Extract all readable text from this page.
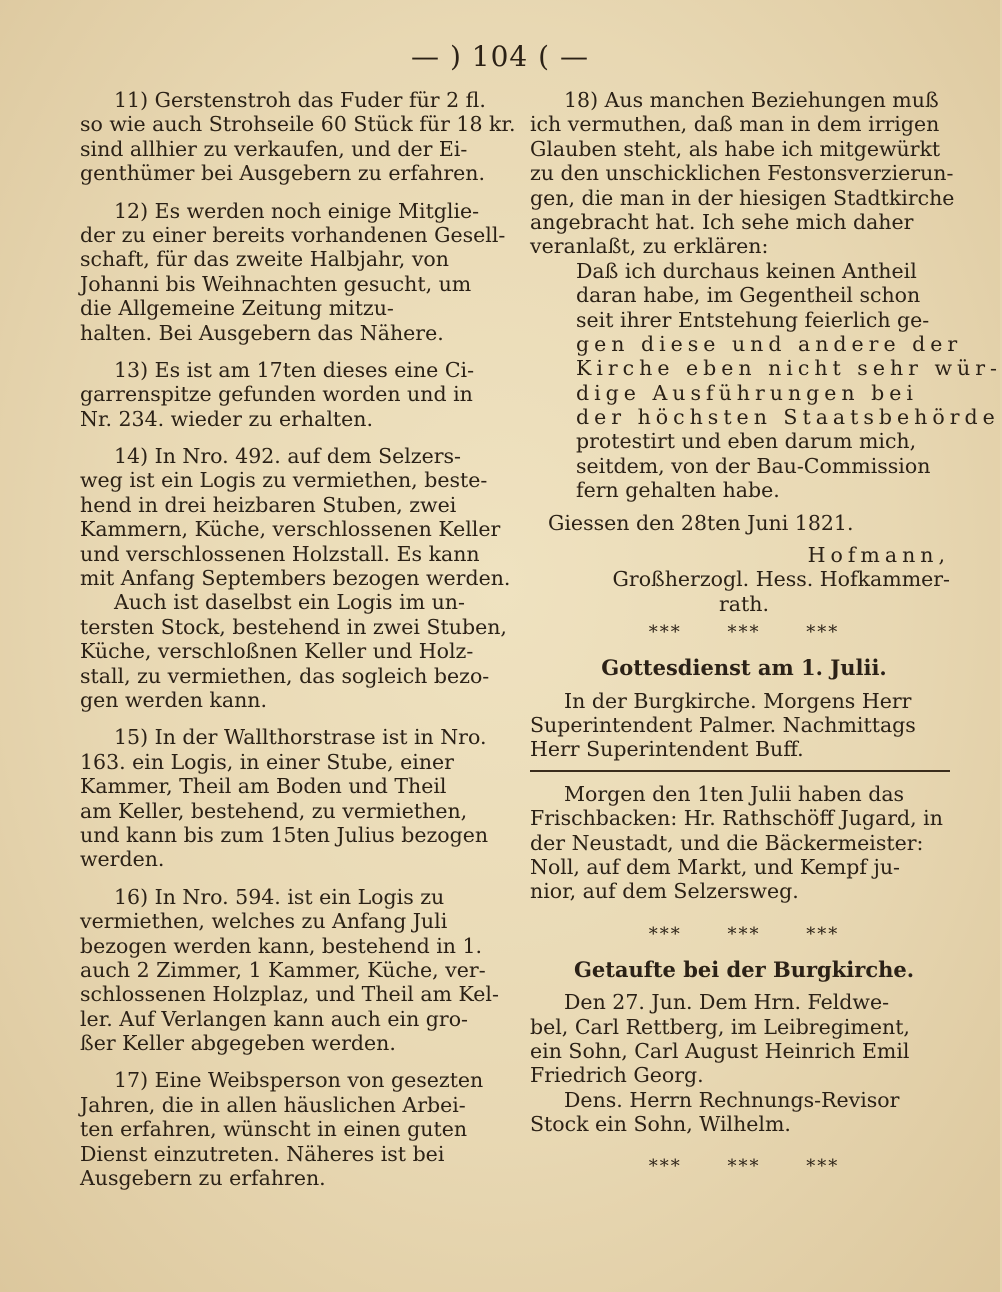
— ) 104 ( —
11) Gerstenstroh das Fuder für 2 fl.
so wie auch Strohseile 60 Stück für 18 kr.
sind allhier zu verkaufen, und der Ei-
genthümer bei Ausgebern zu erfahren.
12) Es werden noch einige Mitglie-
der zu einer bereits vorhandenen Gesell-
schaft, für das zweite Halbjahr, von
Johanni bis Weihnachten gesucht, um
die Allgemeine Zeitung mitzu-
halten. Bei Ausgebern das Nähere.
13) Es ist am 17ten dieses eine Ci-
garrenspitze gefunden worden und in
Nr. 234. wieder zu erhalten.
14) In Nro. 492. auf dem Selzers-
weg ist ein Logis zu vermiethen, beste-
hend in drei heizbaren Stuben, zwei
Kammern, Küche, verschlossenen Keller
und verschlossenen Holzstall. Es kann
mit Anfang Septembers bezogen werden.
Auch ist daselbst ein Logis im un-
tersten Stock, bestehend in zwei Stuben,
Küche, verschloßnen Keller und Holz-
stall, zu vermiethen, das sogleich bezo-
gen werden kann.
15) In der Wallthorstrase ist in Nro.
163. ein Logis, in einer Stube, einer
Kammer, Theil am Boden und Theil
am Keller, bestehend, zu vermiethen,
und kann bis zum 15ten Julius bezogen
werden.
16) In Nro. 594. ist ein Logis zu
vermiethen, welches zu Anfang Juli
bezogen werden kann, bestehend in 1.
auch 2 Zimmer, 1 Kammer, Küche, ver-
schlossenen Holzplaz, und Theil am Kel-
ler. Auf Verlangen kann auch ein gro-
ßer Keller abgegeben werden.
17) Eine Weibsperson von gesezten
Jahren, die in allen häuslichen Arbei-
ten erfahren, wünscht in einen guten
Dienst einzutreten. Näheres ist bei
Ausgebern zu erfahren.
18) Aus manchen Beziehungen muß
ich vermuthen, daß man in dem irrigen
Glauben steht, als habe ich mitgewürkt
zu den unschicklichen Festonsverzierun-
gen, die man in der hiesigen Stadtkirche
angebracht hat. Ich sehe mich daher
veranlaßt, zu erklären:
Daß ich durchaus keinen Antheil
daran habe, im Gegentheil schon
seit ihrer Entstehung feierlich ge-
gen diese und andere der
Kirche eben nicht sehr wür-
dige Ausführungen bei
der höchsten Staatsbehörde
protestirt und eben darum mich,
seitdem, von der Bau-Commission
fern gehalten habe.
Giessen den 28ten Juni 1821.
Hofmann,
Großherzogl. Hess. Hofkammer-
rath.
*** *** ***
Gottesdienst am 1. Julii.
In der Burgkirche. Morgens Herr
Superintendent Palmer. Nachmittags
Herr Superintendent Buff.
Morgen den 1ten Julii haben das
Frischbacken: Hr. Rathschöff Jugard, in
der Neustadt, und die Bäckermeister:
Noll, auf dem Markt, und Kempf ju-
nior, auf dem Selzersweg.
*** *** ***
Getaufte bei der Burgkirche.
Den 27. Jun. Dem Hrn. Feldwe-
bel, Carl Rettberg, im Leibregiment,
ein Sohn, Carl August Heinrich Emil
Friedrich Georg.
Dens. Herrn Rechnungs-Revisor
Stock ein Sohn, Wilhelm.
*** *** ***
